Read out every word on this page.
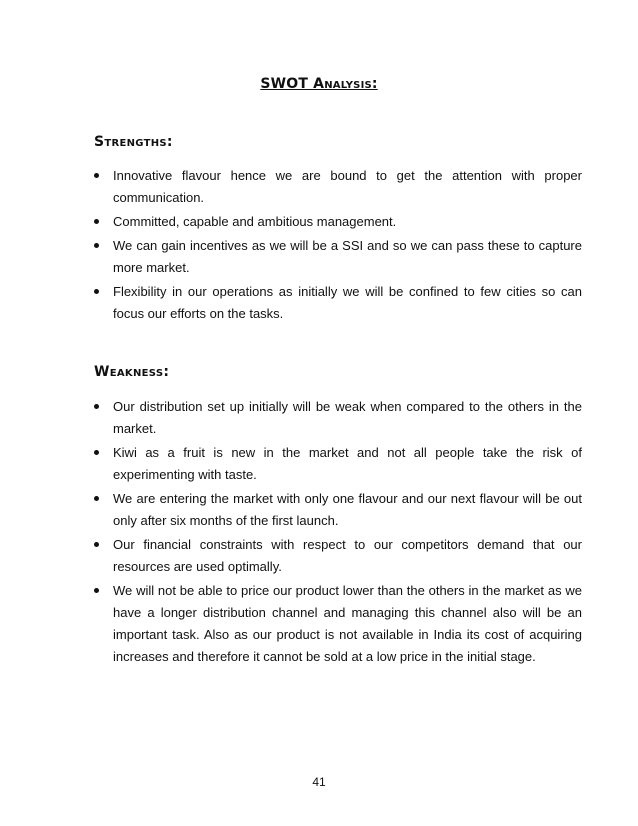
SWOT Analysis:
Strengths:
Innovative flavour hence we are bound to get the attention with proper communication.
Committed, capable and ambitious management.
We can gain incentives as we will be a SSI and so we can pass these to capture more market.
Flexibility in our operations as initially we will be confined to few cities so can focus our efforts on the tasks.
Weakness:
Our distribution set up initially will be weak when compared to the others in the market.
Kiwi as a fruit is new in the market and not all people take the risk of experimenting with taste.
We are entering the market with only one flavour and our next flavour will be out only after six months of the first launch.
Our financial constraints with respect to our competitors demand that our resources are used optimally.
We will not be able to price our product lower than the others in the market as we have a longer distribution channel and managing this channel also will be an important task. Also as our product is not available in India its cost of acquiring increases and therefore it cannot be sold at a low price in the initial stage.
41
